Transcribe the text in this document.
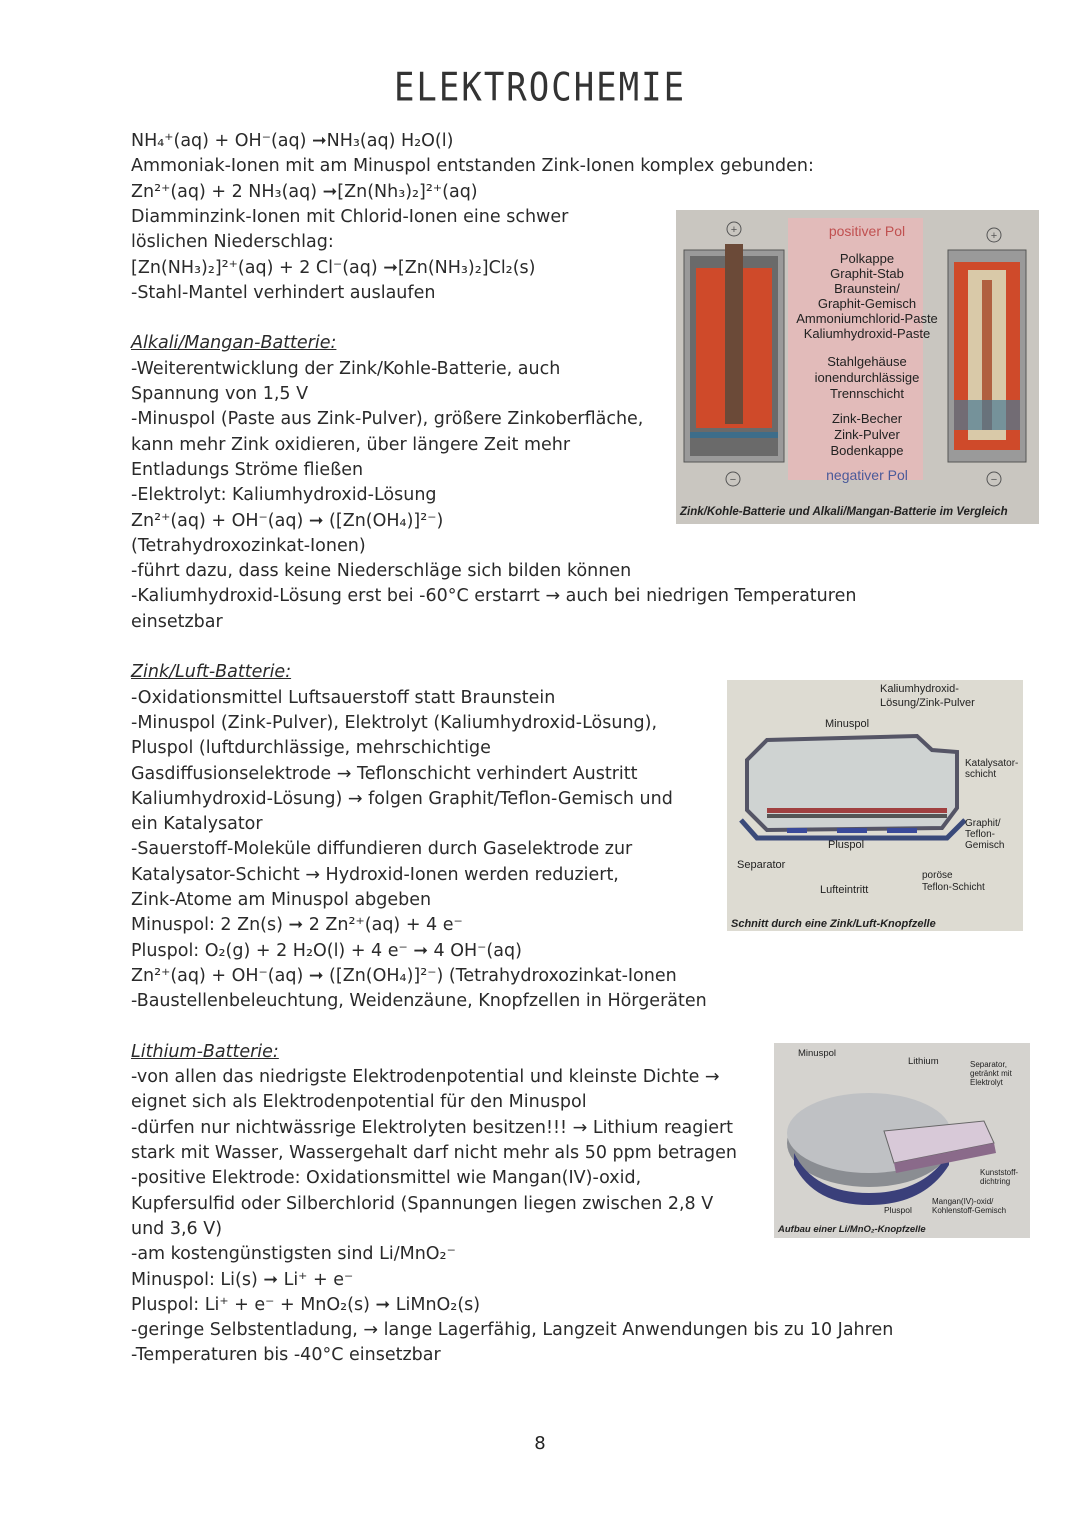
ELEKTROCHEMIE
NH₄⁺(aq) + OH⁻(aq) ➞NH₃(aq) H₂O(l)
Ammoniak-Ionen mit am Minuspol entstanden Zink-Ionen komplex gebunden:
Zn²⁺(aq) + 2 NH₃(aq) ➞[Zn(Nh₃)₂]²⁺(aq)
Diamminzink-Ionen mit Chlorid-Ionen eine schwer
löslichen Niederschlag:
[Zn(NH₃)₂]²⁺(aq) + 2 Cl⁻(aq) ➞[Zn(NH₃)₂]Cl₂(s)
-Stahl-Mantel verhindert auslaufen
Alkali/Mangan-Batterie:
-Weiterentwicklung der Zink/Kohle-Batterie, auch
Spannung von 1,5 V
-Minuspol (Paste aus Zink-Pulver), größere Zinkoberfläche,
kann mehr Zink oxidieren, über längere Zeit mehr
Entladungs Ströme fließen
-Elektrolyt: Kaliumhydroxid-Lösung
Zn²⁺(aq) + OH⁻(aq) ➞ ([Zn(OH₄)]²⁻)
(Tetrahydroxozinkat-Ionen)
-führt dazu, dass keine Niederschläge sich bilden können
-Kaliumhydroxid-Lösung erst bei -60°C erstarrt → auch bei niedrigen Temperaturen
einsetzbar
Zink/Luft-Batterie:
-Oxidationsmittel Luftsauerstoff statt Braunstein
-Minuspol (Zink-Pulver), Elektrolyt (Kaliumhydroxid-Lösung),
Pluspol (luftdurchlässige, mehrschichtige
Gasdiffusionselektrode → Teflonschicht verhindert Austritt
Kaliumhydroxid-Lösung) → folgen Graphit/Teflon-Gemisch und
ein Katalysator
-Sauerstoff-Moleküle diffundieren durch Gaselektrode zur
Katalysator-Schicht → Hydroxid-Ionen werden reduziert,
Zink-Atome am Minuspol abgeben
Minuspol: 2 Zn(s) ➞ 2 Zn²⁺(aq) + 4 e⁻
Pluspol: O₂(g) + 2 H₂O(l) + 4 e⁻ ➞ 4 OH⁻(aq)
Zn²⁺(aq) + OH⁻(aq) ➞ ([Zn(OH₄)]²⁻) (Tetrahydroxozinkat-Ionen
-Baustellenbeleuchtung, Weidenzäune, Knopfzellen in Hörgeräten
Lithium-Batterie:
-von allen das niedrigste Elektrodenpotential und kleinste Dichte →
eignet sich als Elektrodenpotential für den Minuspol
-dürfen nur nichtwässrige Elektrolyten besitzen!!! → Lithium reagiert
stark mit Wasser, Wassergehalt darf nicht mehr als 50 ppm betragen
-positive Elektrode: Oxidationsmittel wie Mangan(IV)-oxid,
Kupfersulfid oder Silberchlorid (Spannungen liegen zwischen 2,8 V
und 3,6 V)
-am kostengünstigsten sind Li/MnO₂⁻
Minuspol: Li(s) ➞ Li⁺ + e⁻
Pluspol: Li⁺ + e⁻ + MnO₂(s) ➞ LiMnO₂(s)
-geringe Selbstentladung, → lange Lagerfähig, Langzeit Anwendungen bis zu 10 Jahren
-Temperaturen bis -40°C einsetzbar
+	+
−	−
positiver Pol
Polkappe
Graphit-Stab
Braunstein/
Graphit-Gemisch
Ammoniumchlorid-Paste
Kaliumhydroxid-Paste
Stahlgehäuse
ionendurchlässige
Trennschicht
Zink-Becher
Zink-Pulver
Bodenkappe
negativer Pol
Zink/Kohle-Batterie und Alkali/Mangan-Batterie im Vergleich
Kaliumhydroxid-
Lösung/Zink-Pulver
Minuspol
Katalysator-
schicht
Graphit/
Teflon-
Gemisch
Pluspol
Separator
Lufteintritt
poröse
Teflon-Schicht
Schnitt durch eine Zink/Luft-Knopfzelle
Minuspol
Lithium	Separator,
getränkt mit
Elektrolyt
Kunststoff-
dichtring
Mangan(IV)-oxid/
Kohlenstoff-Gemisch
Pluspol
Aufbau einer Li/MnO₂-Knopfzelle
8
